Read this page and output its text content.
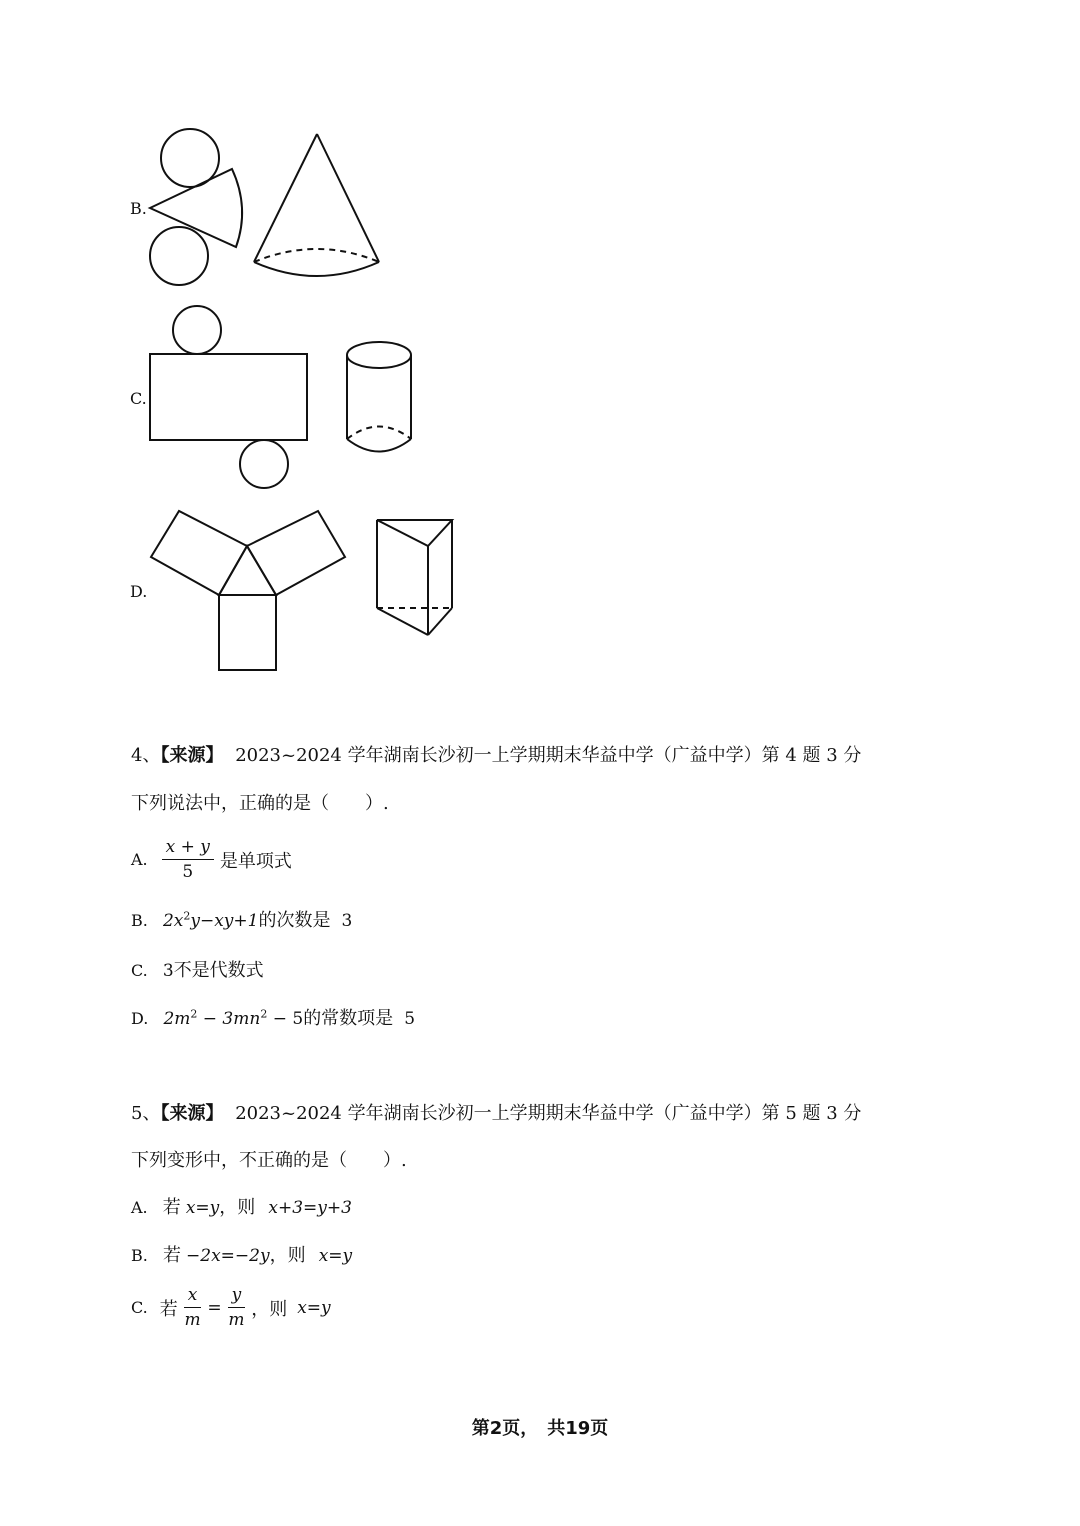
B.
C.
D.
4、【来源】 2023~2024 学年湖南长沙初一上学期期末华益中学（广益中学）第 4 题 3 分
下列说法中，正确的是（　　）.
A. $\frac{x + y}{5}$ 是单项式
B. $2x^2y-xy+1$的次数是 3
C. 3不是代数式
D. $2m^2 - 3mn^2 - 5$的常数项是 5
5、【来源】 2023~2024 学年湖南长沙初一上学期期末华益中学（广益中学）第 5 题 3 分
下列变形中，不正确的是（　　）.
A. 若 x=y，则 x+3=y+3
B. 若 −2x=−2y，则 x=y
C. 若 $\frac{x}{m} = \frac{y}{m}$ ，则 x=y
第2页，　共19页
